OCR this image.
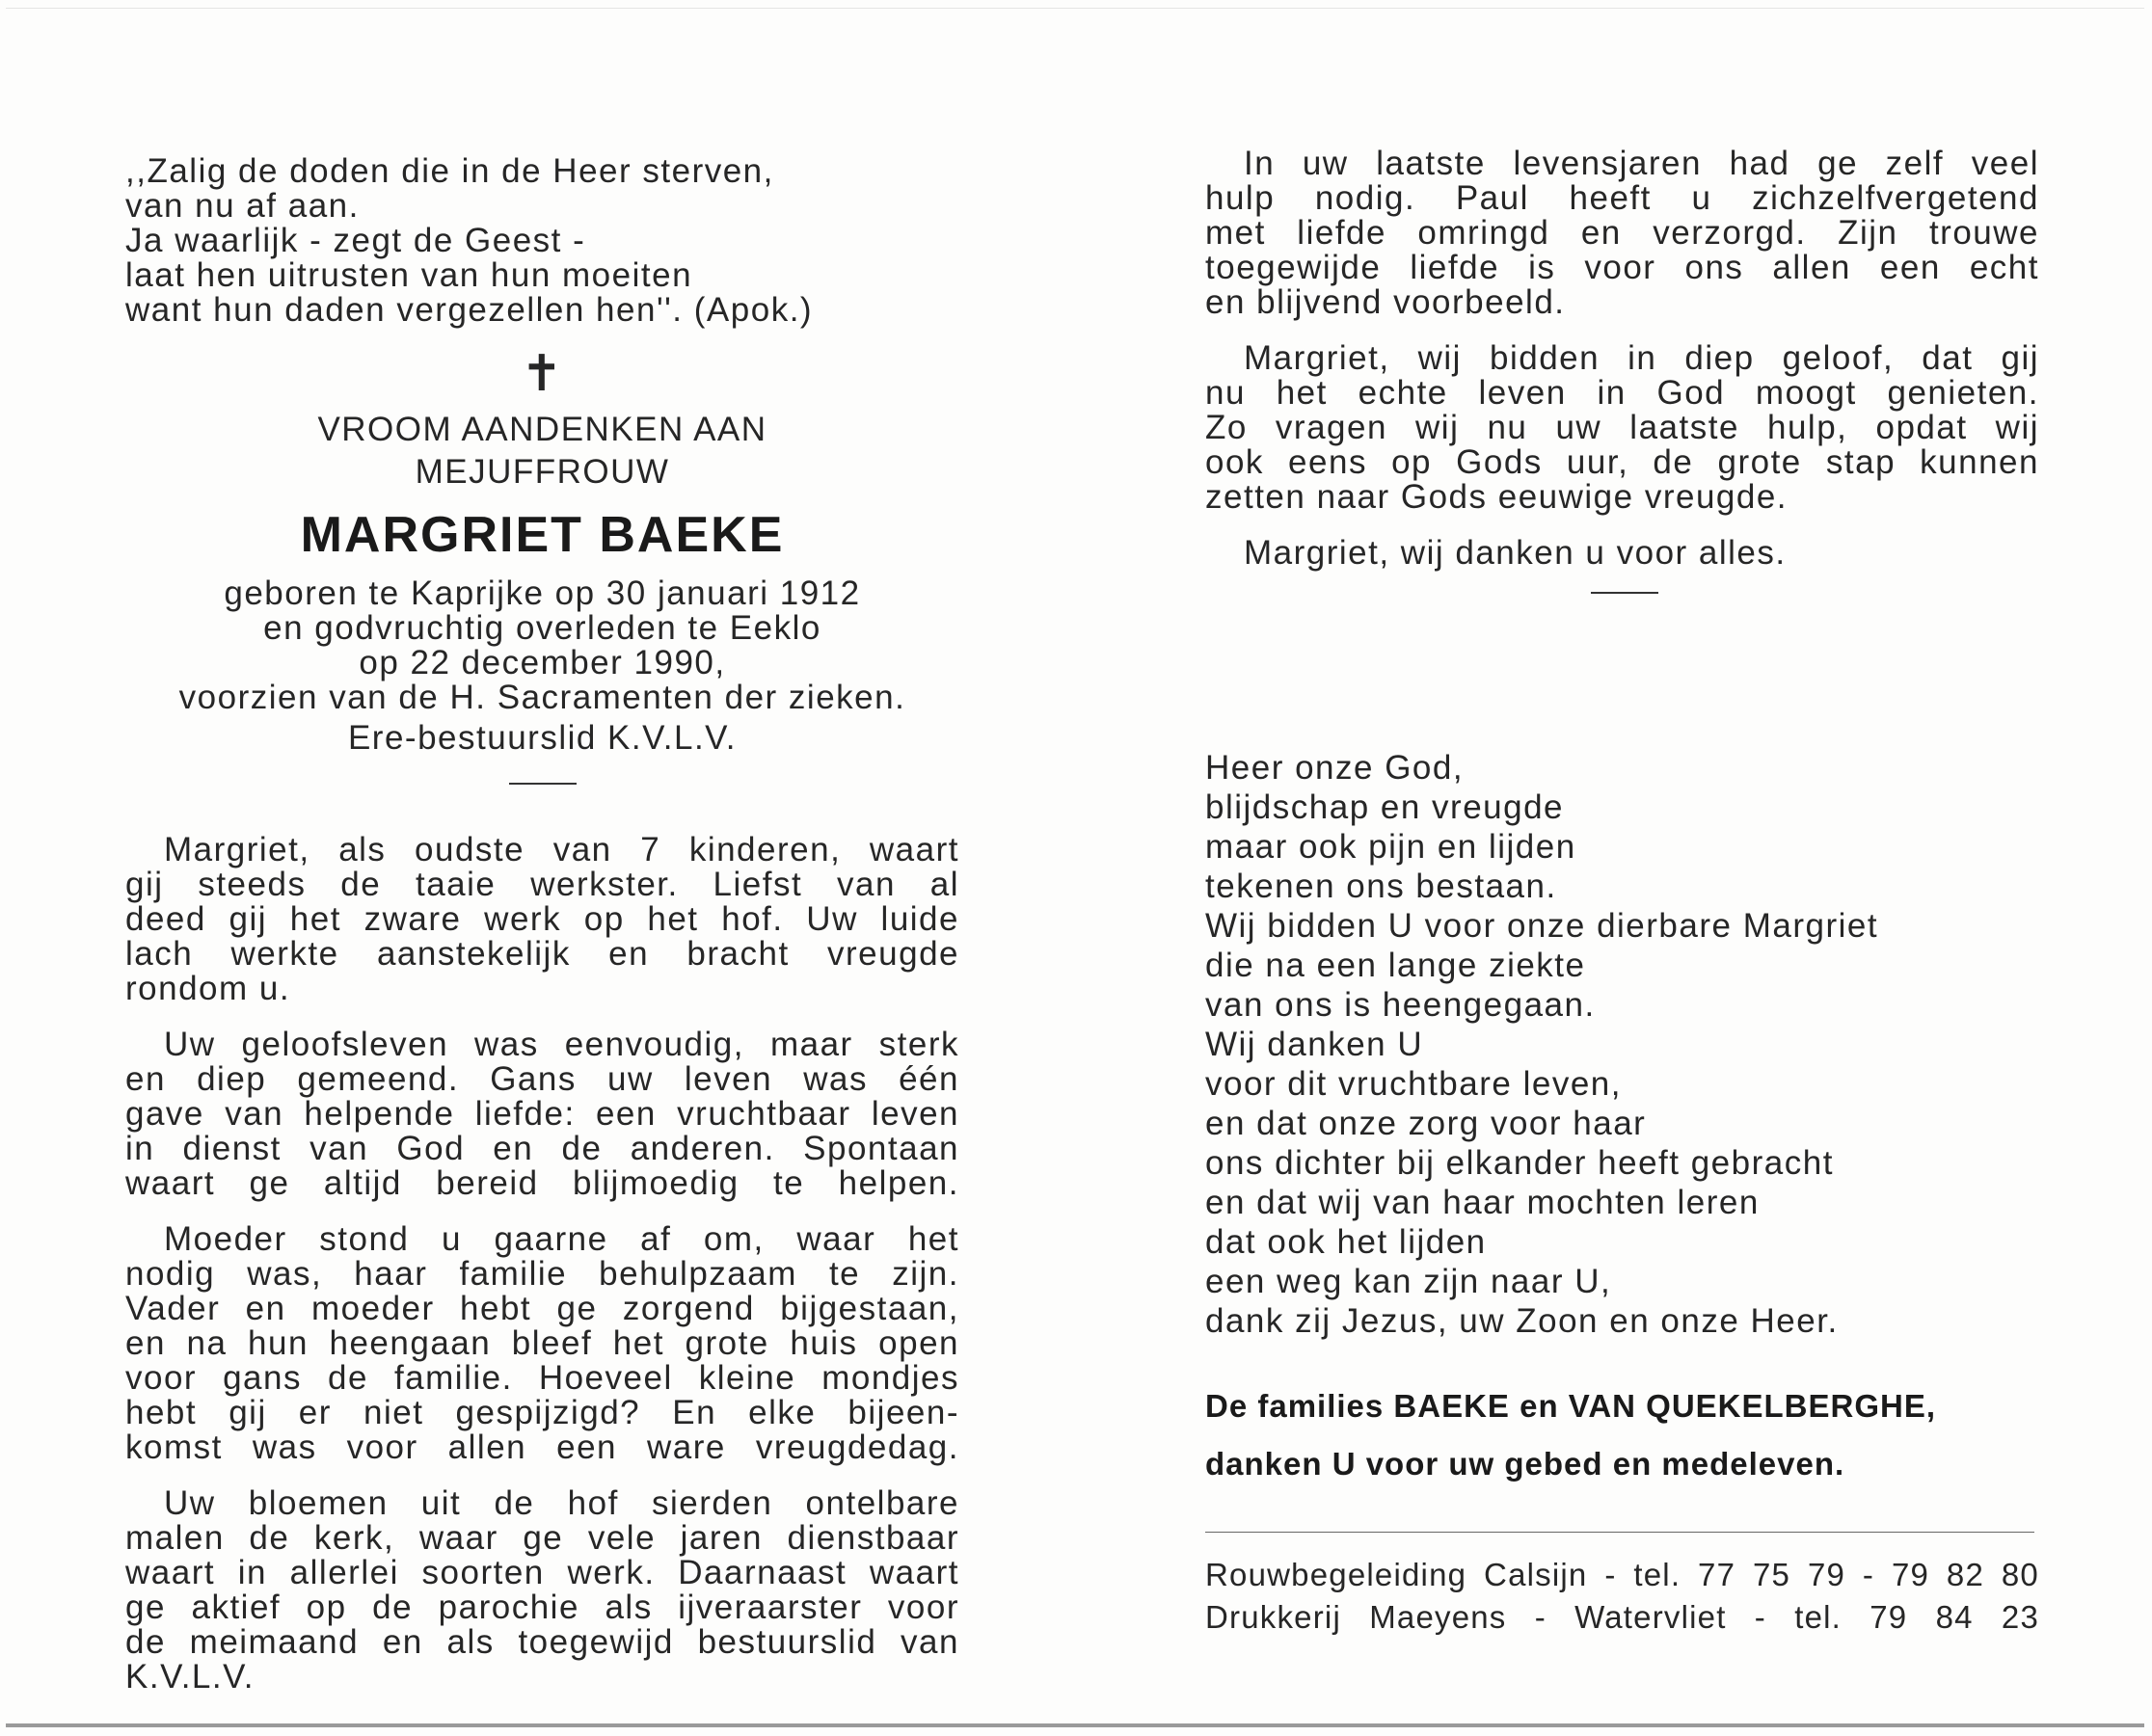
,,Zalig de doden die in de Heer sterven,
van nu af aan.
Ja waarlijk - zegt de Geest -
laat hen uitrusten van hun moeiten
want hun daden vergezellen hen''. (Apok.)
✝
VROOM AANDENKEN AAN
MEJUFFROUW
MARGRIET BAEKE
geboren te Kaprijke op 30 januari 1912
en godvruchtig overleden te Eeklo
op 22 december 1990,
voorzien van de H. Sacramenten der zieken.
Ere-bestuurslid K.V.L.V.
Margriet, als oudste van 7 kinderen, waart
gij steeds de taaie werkster. Liefst van al
deed gij het zware werk op het hof. Uw luide
lach werkte aanstekelijk en bracht vreugde
rondom u.
Uw geloofsleven was eenvoudig, maar sterk
en diep gemeend. Gans uw leven was één
gave van helpende liefde: een vruchtbaar leven
in dienst van God en de anderen. Spontaan
waart ge altijd bereid blijmoedig te helpen.
Moeder stond u gaarne af om, waar het
nodig was, haar familie behulpzaam te zijn.
Vader en moeder hebt ge zorgend bijgestaan,
en na hun heengaan bleef het grote huis open
voor gans de familie. Hoeveel kleine mondjes
hebt gij er niet gespijzigd? En elke bijeen-
komst was voor allen een ware vreugdedag.
Uw bloemen uit de hof sierden ontelbare
malen de kerk, waar ge vele jaren dienstbaar
waart in allerlei soorten werk. Daarnaast waart
ge aktief op de parochie als ijveraarster voor
de meimaand en als toegewijd bestuurslid van
K.V.L.V.
In uw laatste levensjaren had ge zelf veel
hulp nodig. Paul heeft u zichzelfvergetend
met liefde omringd en verzorgd. Zijn trouwe
toegewijde liefde is voor ons allen een echt
en blijvend voorbeeld.
Margriet, wij bidden in diep geloof, dat gij
nu het echte leven in God moogt genieten.
Zo vragen wij nu uw laatste hulp, opdat wij
ook eens op Gods uur, de grote stap kunnen
zetten naar Gods eeuwige vreugde.
Margriet, wij danken u voor alles.
Heer onze God,
blijdschap en vreugde
maar ook pijn en lijden
tekenen ons bestaan.
Wij bidden U voor onze dierbare Margriet
die na een lange ziekte
van ons is heengegaan.
Wij danken U
voor dit vruchtbare leven,
en dat onze zorg voor haar
ons dichter bij elkander heeft gebracht
en dat wij van haar mochten leren
dat ook het lijden
een weg kan zijn naar U,
dank zij Jezus, uw Zoon en onze Heer.
De families BAEKE en VAN QUEKELBERGHE,
danken U voor uw gebed en medeleven.
Rouwbegeleiding Calsijn - tel. 77 75 79 - 79 82 80
Drukkerij Maeyens - Watervliet - tel. 79 84 23
